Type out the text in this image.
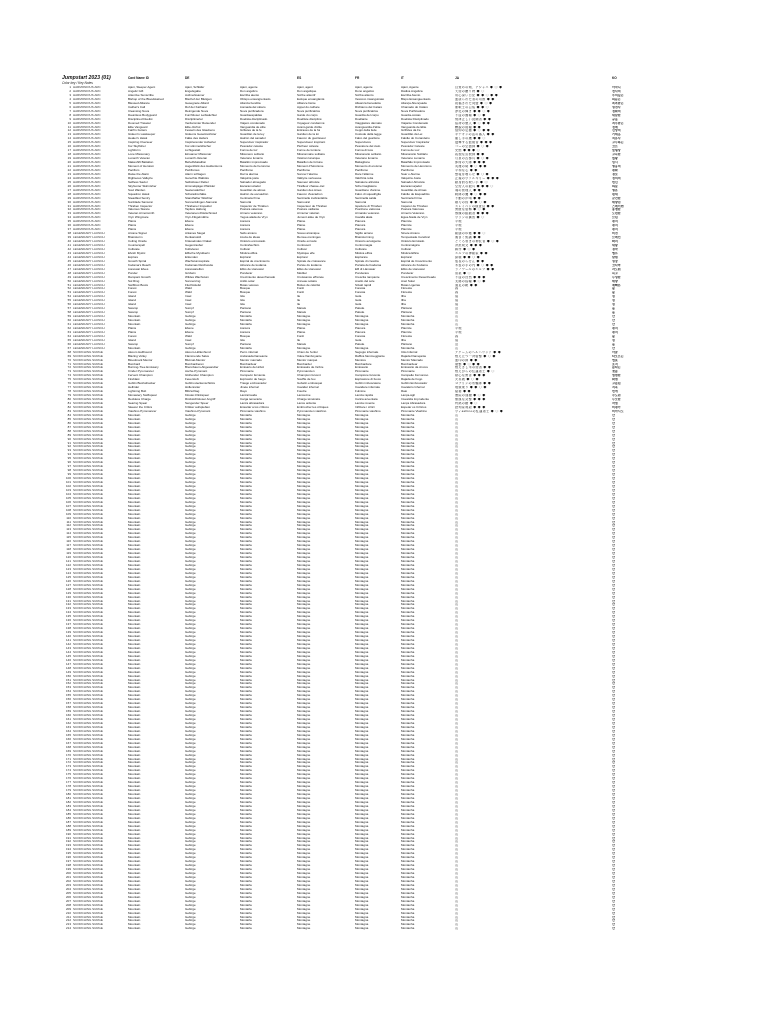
Jumpstart 2023 (01)
Color key / Key Notes
Card Name ID	DE	ES	FR	IT	JA	KO
1 HARMONIOUS ARC	Ajani, Sleeper Agent	Ajani, Schläfer	Ajani, agente	Ajani, agent	Ajani, agente	Ajani, Agente	目覚めの剣、アジャニ ◆ ◇ ◆	아자니
2 HARMONIOUS ARC	Angelic Gift	Engelsgabe	Don angélico	Don angélique	Dono angelico	Dádiva Angélica	天使の贈り物 ◆ ◇	천사의
3 HARMONIOUS ARC	Attentive Sunscribe	Aufmerksamer	Escriba atento	Scribe attentif	Scriba attento	Escriba Atento	用心深い日記 ◆ ◆ ◇ ◆ ◆	주의깊은
4 HARMONIOUS ARC	Bishop of the Bloodstained	Bischof der Blutigen	Obispo ensangrentado	Évêque ensanglanté	Vescovo insanguinato	Bispo Ensanguentado	血塗られた者の司教 ◆ ◆	피묻은
5 HARMONIOUS ARC	Blessed Alliance	Gesegnete Allianz	Alianza bendita	Alliance bénie	Alleanza benedetta	Aliança Abençoada	祝福された同盟 ◆ ◇ ◆	축복받은
6 HARMONIOUS ARC	Cathar's Call	Ruf der Katharer	Llamada del cátaro	Appel du cathare	Richiamo del Cataro	Chamado do Cátaro	聖戦士の召集 ◆ ◆ ◇	성전사
7 HARMONIOUS ARC	Cleansing Nova	Reinigende Nova	Nova purificadora	Nova purificatrice	Nova purificatrice	Nova Purificadora	浄化の輝き ◆ ◆ ◇ ◆	정화의
8 HARMONIOUS ARC	Dauntless Bodyguard	Furchtloser Leibwächter	Guardaespaldas	Garde du corps	Guardia del corpo	Guarda-costas	不屈の護衛 ◆ ◇ ◆	대담한
9 HARMONIOUS ARC	Disciplined Duelist	Disziplinierter	Duelista disciplinado	Duelliste discipliné	Duellante	Duelista Disciplinado	規律正しい決闘者 ◆ ◆	규율
10 HARMONIOUS ARC	Doomed Traveler	Verdammter Reisender	Viajero condenado	Voyageur condamné	Viaggiatore dannato	Viajante Condenado	宿命の旅人 ◆ ◇ ◆ ◆	저주받은
11 HARMONIOUS ARC	Elite Vanguard	Elite-Vorhut	Vanguardia de élite	Avant-garde d'élite	Avanguardia d'élite	Vanguarda de Elite	精鋭の前衛 ◆ ◆	정예
12 HARMONIOUS ARC	Faith's Fetters	Fesseln des Glaubens	Grilletes de la fe	Entraves de la foi	Ceppi della fede	Grilhões da Fé	信仰の足枷 ◆ ◇ ◆ ◆	신앙의
13 HARMONIOUS ARC	Gideon's Lawkeeper	Gideons Gesetzeshüter	Guardián de la ley	Gardien de la loi	Custode della legge	Guardião da Lei	ギデオンの法の番人 ◆ ◆	기데온
14 HARMONIOUS ARC	Healer's Hawk	Falke des Heilers	Halcón del sanador	Faucon du guérisseur	Falco del guaritore	Falcão do Curandeiro	癒し手の鷹 ◆ ◆ ◇	치유사
15 HARMONIOUS ARC	Inspiring Overseer	Inspirierender Aufseher	Supervisor inspirador	Superviseur inspirant	Supervisore	Supervisor Inspirador	鼓舞する監視者 ◆ ◆ ◆	고무하는
16 HARMONIOUS ARC	Kor Skyfisher	Kor-Himmelsfischer	Pescador celeste	Pêcheur céleste	Pescatore del cielo	Pescador Celeste	コーの空漁師 ◆ ◇ ◆	코르
17 HARMONIOUS ARC	Lightform	Lichtgestalt	Forma de luz	Forme de lumière	Forma di luce	Forma de Luz	光態 ◆ ◆ ◆ ◇	빛형상
18 HARMONIOUS ARC	Lone Missionary	Einsamer Missionar	Misionero solitario	Missionnaire solitaire	Missionario solitario	Missionário Solitário	孤独な宣教師 ◆ ◆	고독한
19 HARMONIOUS ARC	Lunarch Veteran	Lunarch-Veteran	Veterano lunarca	Vétéran lunarque	Veterano lunarca	Veterano Lunarca	月皇の古参兵 ◆ ◇ ◆	월황
20 HARMONIOUS ARC	Makeshift Battalion	Behelfsbataillon	Batallón improvisado	Bataillon de fortune	Battaglione	Batalhão Improvisado	即席の大隊 ◆ ◆ ◆	임시
21 HARMONIOUS ARC	Moment of Heroism	Augenblick des Heldentums	Momento de heroísmo	Moment d'héroïsme	Momento di eroismo	Momento de Heroísmo	英雄の時 ◆ ◇ ◆ ◆	영웅의
22 HARMONIOUS ARC	Pacifism	Pazifismus	Pacifismo	Pacifisme	Pacifismo	Pacifismo	平和な心 ◆ ◆	평화
23 HARMONIOUS ARC	Raise the Alarm	Alarm schlagen	Dar la alarma	Sonner l'alarme	Dare l'allarme	Soar o Alarme	警報を鳴らせ ◆ ◇ ◆	경보
24 HARMONIOUS ARC	Righteous Valkyrie	Gerechte Walküre	Valquiria justa	Valkyrie vertueuse	Valchiria retta	Valquíria Justa	正義のヴァルキリー ◆ ◆ ◆	정의의
25 HARMONIOUS ARC	Selfless Savior	Selbstloser Retter	Salvador abnegado	Sauveur altruiste	Salvatore altruista	Salvador Altruísta	献身的な救い手 ◆ ◇	헌신
26 HARMONIOUS ARC	Skyhunter Skirmisher	Himmelsjäger-Plänkler	Escaramuzador	Tirailleur chasse-ciel	Schermagliatore	Escaramuçador	空狩人の散兵 ◆ ◆ ◆ ◇	하늘
27 HARMONIOUS ARC	Soul Warden	Seelenwächter	Guardián de almas	Gardien des âmes	Guardiano d'anime	Guardião de Almas	魂の管理人 ◆ ◆	영혼
28 HARMONIOUS ARC	Squadron Hawk	Schwadronfalke	Halcón de escuadrón	Faucon d'escadron	Falco di squadriglia	Falcão de Esquadrão	戦隊の鷹 ◆ ◇ ◆ ◆	편대
29 HARMONIOUS ARC	Steadfast Sentry	Standhafter Wächter	Centinela firme	Sentinelle inébranlable	Sentinella salda	Sentinela Firme	不動の歩哨 ◆ ◆	굳건한
30 HARMONIOUS ARC	Sunblade Samurai	Sonnenklingen-Samurai	Samurái	Samouraï	Samurai	Samurai	陽刃の侍 ◆ ◆ ◇ ◆	태양검
31 HARMONIOUS ARC	Thraben Inspector	Thrabener Inspektor	Inspector de Thraben	Inspecteur de Thraben	Ispettore di Thraben	Inspetor de Thraben	スレイベンの検査官 ◆ ◆	스레이벤
32 HARMONIOUS ARC	Valorous Stance	Tapfere Haltung	Postura valerosa	Posture vaillante	Posizione valorosa	Postura Valorosa	勇敢な姿勢 ◆ ◇ ◆	용맹한
33 HARMONIOUS ARC	Veteran Armorsmith	Veteranen-Rüstschmied	Armero veterano	Armurier vétéran	Armaiolo veterano	Armeiro Veterano	熟練の鎧鍛冶 ◆ ◆ ◆	노련한
34 HARMONIOUS ARC	Vryn Wingmare	Vryn-Flügelmähre	Yegua alada de Vryn	Jument ailée de Vryn	Cavalla alata	Égua Alada de Vryn	ヴリンの翼馬 ◆ ◇	브린
35 HARMONIOUS ARC	Plains	Ebene	Llanura	Plaine	Pianura	Planície	平地	평지
36 HARMONIOUS ARC	Plains	Ebene	Llanura	Plaine	Pianura	Planície	平地	평지
37 HARMONIOUS ARC	Plains	Ebene	Llanura	Plaine	Pianura	Planície	平地	평지
38 LEGENDARY LAUNCH	Arcane Signet	Arkanes Siegel	Sello arcano	Sceau arcanique	Sigillo arcano	Sinete Arcano	秘儀の印鑑 ◆ ◆ ◇	비전
39 LEGENDARY LAUNCH	Brainstorm	Denkanstoß	Lluvia de ideas	Remue-méninges	Brainstorming	Tempestade Cerebral	渦まく知識 ◆ ◆	브레인
40 LEGENDARY LAUNCH	Coiling Oracle	Kräuselndes Orakel	Oráculo enroscado	Oracle enroulé	Oracolo avvolgente	Oráculo Enrolado	とぐろ巻きの神託者 ◆ ◇ ◆	똬리
41 LEGENDARY LAUNCH	Counterspell	Gegenzauber	Contrahechizo	Contresort	Contromagia	Contramágica	対抗呪文 ◆ ◆ ◆	대항
42 LEGENDARY LAUNCH	Cultivate	Kultivieren	Cultivar	Cultiver	Coltivare	Cultivar	耕作 ◆ ◇ ◆	경작
43 LEGENDARY LAUNCH	Elvish Mystic	Elfische Mystikerin	Mística élfica	Mystique elfe	Mistica elfica	Mística Élfica	エルフの神秘家 ◆ ◆	엘프
44 LEGENDARY LAUNCH	Explore	Erkunden	Explorar	Explorer	Esplorare	Explorar	探検 ◆ ◆ ◇ ◆	탐험
45 LEGENDARY LAUNCH	Growth Spiral	Wachstumsspirale	Espiral de crecimiento	Spirale de croissance	Spirale di crescita	Espiral de Crescimento	成長のらせん ◆ ◆	성장
46 LEGENDARY LAUNCH	Kodama's Reach	Kodamas Reichweite	Alcance de kodama	Portée du kodama	Portata del kodama	Alcance do Kodama	木霊の手の内 ◆ ◇ ◆ ◆	코다마
47 LEGENDARY LAUNCH	Llanowar Elves	Llanowarelfen	Elfos de Llanowar	Elfes de Llanowar	Elfi di Llanowar	Elfos de Llanowar	ラノワールのエルフ ◆ ◆	라노워
48 LEGENDARY LAUNCH	Ponder	Grübeln	Ponderar	Méditer	Ponderare	Ponderar	思案 ◆ ◇	숙고
49 LEGENDARY LAUNCH	Rampant Growth	Wildes Wachstum	Crecimiento desenfrenado	Croissance effrénée	Crescita rampante	Crescimento Desenfreado	不屈の自然 ◆ ◆ ◆	무성한
50 LEGENDARY LAUNCH	Sol Ring	Sonnenring	Anillo solar	Anneau solaire	Anello del sole	Anel Solar	太陽の指輪 ◆ ◇ ◆	태양
51 LEGENDARY LAUNCH	Swiftfoot Boots	Fluchtstiefel	Botas veloces	Bottes de célérité	Stivali rapidi	Botas Ligeiras	速足の靴 ◆ ◆	재빠른
52 LEGENDARY LAUNCH	Forest	Wald	Bosque	Forêt	Foresta	Floresta	森	숲
53 LEGENDARY LAUNCH	Forest	Wald	Bosque	Forêt	Foresta	Floresta	森	숲
54 LEGENDARY LAUNCH	Island	Insel	Isla	Île	Isola	Ilha	島	섬
55 LEGENDARY LAUNCH	Island	Insel	Isla	Île	Isola	Ilha	島	섬
56 LEGENDARY LAUNCH	Island	Insel	Isla	Île	Isola	Ilha	島	섬
57 LEGENDARY LAUNCH	Swamp	Sumpf	Pantano	Marais	Palude	Pântano	沼	늪
58 LEGENDARY LAUNCH	Swamp	Sumpf	Pantano	Marais	Palude	Pântano	沼	늪
59 LEGENDARY LAUNCH	Mountain	Gebirge	Montaña	Montagne	Montagna	Montanha	山	산
60 LEGENDARY LAUNCH	Mountain	Gebirge	Montaña	Montagne	Montagna	Montanha	山	산
61 LEGENDARY LAUNCH	Mountain	Gebirge	Montaña	Montagne	Montagna	Montanha	山	산
62 LEGENDARY LAUNCH	Plains	Ebene	Llanura	Plaine	Pianura	Planície	平地	평지
63 LEGENDARY LAUNCH	Plains	Ebene	Llanura	Plaine	Pianura	Planície	平地	평지
64 LEGENDARY LAUNCH	Forest	Wald	Bosque	Forêt	Foresta	Floresta	森	숲
65 LEGENDARY LAUNCH	Island	Insel	Isla	Île	Isola	Ilha	島	섬
66 LEGENDARY LAUNCH	Swamp	Sumpf	Pantano	Marais	Palude	Pântano	沼	늪
67 LEGENDARY LAUNCH	Mountain	Gebirge	Montaña	Montagne	Montagna	Montanha	山	산
68 SCORCHING SURGE	Akoum Hellhound	Akoum-Höllenhund	Perro infernal	Chien de l'enfer	Segugio infernale	Cão Infernal	アクームのヘルハウンド ◆ ◆	아쿰
69 SCORCHING SURGE	Blazing Volley	Flammende Salve	Andanada llameante	Volée flamboyante	Raffica fiammeggiante	Rajada Flamejante	燃え立つ一斉射撃 ◆ ◇ ◆	타오르는
70 SCORCHING SURGE	Bloodmark Mentor	Blutmal-Mentor	Mentor marcado	Mentor marqué	Mentore	Mentor Marcado	血印の師 ◆ ◆	혈표
71 SCORCHING SURGE	Bombard	Bombardieren	Bombardear	Bombarder	Bombardare	Bombardear	砲撃 ◆ ◇ ◆ ◆	포격
72 SCORCHING SURGE	Burning-Tree Emissary	Brennbaum-Abgesandter	Emisario del árbol	Émissaire de l'arbre	Emissario	Emissário da Árvore	燃えさし木の使者 ◆ ◆	불타는
73 SCORCHING SURGE	Cinder Pyromancer	Asche-Pyromant	Piromante	Pyromancien	Piromante	Piromante	燃えがらの紅蓮術士 ◆ ◇	잿불
74 SCORCHING SURGE	Fervent Champion	Glühender Champion	Campeón ferviente	Champion fervent	Campione fervente	Campeão Fervoroso	熱心な勇者 ◆ ◆ ◆	열렬한
75 SCORCHING SURGE	Fireblast	Feuerstoß	Explosión de fuego	Souffle de feu	Esplosione di fuoco	Rajada de Fogo	火炎破 ◆ ◇ ◆	화염
76 SCORCHING SURGE	Goblin Bushwhacker	Goblin-Heckenschütze	Trasgo emboscador	Gobelin embusqué	Goblin imboscatore	Goblin Emboscador	ゴブリンの奇襲隊 ◆ ◆	고블린
77 SCORCHING SURGE	Hellrider	Höllenreiter	Jinete infernal	Cavalier infernal	Cavaliere infernale	Cavaleiro Infernal	地獄乗り ◆ ◆ ◇ ◆	지옥
78 SCORCHING SURGE	Lightning Bolt	Blitzschlag	Rayo	Foudre	Fulmine	Raio	稲妻 ◆ ◆	번개
79 SCORCHING SURGE	Monastery Swiftspear	Kloster-Flinkspeer	Lanzarrauda	Lancevive	Lancia rapida	Lança-ágil	僧院の速槍 ◆ ◇ ◆	수도원
80 SCORCHING SURGE	Reckless Charge	Rücksichtsloser Angriff	Carga temeraria	Charge téméraire	Carica avventata	Investida Imprudente	無謀な突撃 ◆ ◆ ◆	무모한
81 SCORCHING SURGE	Searing Spear	Sengender Speer	Lanza abrasadora	Lance ardente	Lancia rovente	Lança Abrasadora	灼熱の槍 ◆ ◇	작열
82 SCORCHING SURGE	Skewer the Critics	Kritiker aufspießen	Ensartar a los críticos	Embrocher les critiques	Infilzare i critici	Espetar os Críticos	批判家刺殺 ◆ ◆ ◆	비평가
83 SCORCHING SURGE	Viashino Pyromancer	Viashino-Pyromant	Piromante viashino	Pyromancien viashino	Piromante viashino	Piromante Viashino	ヴィashinoの紅蓮術士 ◆ ◇ ◆	비아시노
84 SCORCHING SURGE	Mountain	Gebirge	Montaña	Montagne	Montagna	Montanha	山	산
85 SCORCHING SURGE	Mountain	Gebirge	Montaña	Montagne	Montagna	Montanha	山	산
86 SCORCHING SURGE	Mountain	Gebirge	Montaña	Montagne	Montagna	Montanha	山	산
87 SCORCHING SURGE	Mountain	Gebirge	Montaña	Montagne	Montagna	Montanha	山	산
88 SCORCHING SURGE	Mountain	Gebirge	Montaña	Montagne	Montagna	Montanha	山	산
89 SCORCHING SURGE	Mountain	Gebirge	Montaña	Montagne	Montagna	Montanha	山	산
90 SCORCHING SURGE	Mountain	Gebirge	Montaña	Montagne	Montagna	Montanha	山	산
91 SCORCHING SURGE	Mountain	Gebirge	Montaña	Montagne	Montagna	Montanha	山	산
92 SCORCHING SURGE	Mountain	Gebirge	Montaña	Montagne	Montagna	Montanha	山	산
93 SCORCHING SURGE	Mountain	Gebirge	Montaña	Montagne	Montagna	Montanha	山	산
94 SCORCHING SURGE	Mountain	Gebirge	Montaña	Montagne	Montagna	Montanha	山	산
95 SCORCHING SURGE	Mountain	Gebirge	Montaña	Montagne	Montagna	Montanha	山	산
96 SCORCHING SURGE	Mountain	Gebirge	Montaña	Montagne	Montagna	Montanha	山	산
97 SCORCHING SURGE	Mountain	Gebirge	Montaña	Montagne	Montagna	Montanha	山	산
98 SCORCHING SURGE	Mountain	Gebirge	Montaña	Montagne	Montagna	Montanha	山	산
99 SCORCHING SURGE	Mountain	Gebirge	Montaña	Montagne	Montagna	Montanha	山	산
100 SCORCHING SURGE	Mountain	Gebirge	Montaña	Montagne	Montagna	Montanha	山	산
101 SCORCHING SURGE	Mountain	Gebirge	Montaña	Montagne	Montagna	Montanha	山	산
102 SCORCHING SURGE	Mountain	Gebirge	Montaña	Montagne	Montagna	Montanha	山	산
103 SCORCHING SURGE	Mountain	Gebirge	Montaña	Montagne	Montagna	Montanha	山	산
104 SCORCHING SURGE	Mountain	Gebirge	Montaña	Montagne	Montagna	Montanha	山	산
105 SCORCHING SURGE	Mountain	Gebirge	Montaña	Montagne	Montagna	Montanha	山	산
106 SCORCHING SURGE	Mountain	Gebirge	Montaña	Montagne	Montagna	Montanha	山	산
107 SCORCHING SURGE	Mountain	Gebirge	Montaña	Montagne	Montagna	Montanha	山	산
108 SCORCHING SURGE	Mountain	Gebirge	Montaña	Montagne	Montagna	Montanha	山	산
109 SCORCHING SURGE	Mountain	Gebirge	Montaña	Montagne	Montagna	Montanha	山	산
110 SCORCHING SURGE	Mountain	Gebirge	Montaña	Montagne	Montagna	Montanha	山	산
111 SCORCHING SURGE	Mountain	Gebirge	Montaña	Montagne	Montagna	Montanha	山	산
112 SCORCHING SURGE	Mountain	Gebirge	Montaña	Montagne	Montagna	Montanha	山	산
113 SCORCHING SURGE	Mountain	Gebirge	Montaña	Montagne	Montagna	Montanha	山	산
114 SCORCHING SURGE	Mountain	Gebirge	Montaña	Montagne	Montagna	Montanha	山	산
115 SCORCHING SURGE	Mountain	Gebirge	Montaña	Montagne	Montagna	Montanha	山	산
116 SCORCHING SURGE	Mountain	Gebirge	Montaña	Montagne	Montagna	Montanha	山	산
117 SCORCHING SURGE	Mountain	Gebirge	Montaña	Montagne	Montagna	Montanha	山	산
118 SCORCHING SURGE	Mountain	Gebirge	Montaña	Montagne	Montagna	Montanha	山	산
119 SCORCHING SURGE	Mountain	Gebirge	Montaña	Montagne	Montagna	Montanha	山	산
120 SCORCHING SURGE	Mountain	Gebirge	Montaña	Montagne	Montagna	Montanha	山	산
121 SCORCHING SURGE	Mountain	Gebirge	Montaña	Montagne	Montagna	Montanha	山	산
122 SCORCHING SURGE	Mountain	Gebirge	Montaña	Montagne	Montagna	Montanha	山	산
123 SCORCHING SURGE	Mountain	Gebirge	Montaña	Montagne	Montagna	Montanha	山	산
124 SCORCHING SURGE	Mountain	Gebirge	Montaña	Montagne	Montagna	Montanha	山	산
125 SCORCHING SURGE	Mountain	Gebirge	Montaña	Montagne	Montagna	Montanha	山	산
126 SCORCHING SURGE	Mountain	Gebirge	Montaña	Montagne	Montagna	Montanha	山	산
127 SCORCHING SURGE	Mountain	Gebirge	Montaña	Montagne	Montagna	Montanha	山	산
128 SCORCHING SURGE	Mountain	Gebirge	Montaña	Montagne	Montagna	Montanha	山	산
129 SCORCHING SURGE	Mountain	Gebirge	Montaña	Montagne	Montagna	Montanha	山	산
130 SCORCHING SURGE	Mountain	Gebirge	Montaña	Montagne	Montagna	Montanha	山	산
131 SCORCHING SURGE	Mountain	Gebirge	Montaña	Montagne	Montagna	Montanha	山	산
132 SCORCHING SURGE	Mountain	Gebirge	Montaña	Montagne	Montagna	Montanha	山	산
133 SCORCHING SURGE	Mountain	Gebirge	Montaña	Montagne	Montagna	Montanha	山	산
134 SCORCHING SURGE	Mountain	Gebirge	Montaña	Montagne	Montagna	Montanha	山	산
135 SCORCHING SURGE	Mountain	Gebirge	Montaña	Montagne	Montagna	Montanha	山	산
136 SCORCHING SURGE	Mountain	Gebirge	Montaña	Montagne	Montagna	Montanha	山	산
137 SCORCHING SURGE	Mountain	Gebirge	Montaña	Montagne	Montagna	Montanha	山	산
138 SCORCHING SURGE	Mountain	Gebirge	Montaña	Montagne	Montagna	Montanha	山	산
139 SCORCHING SURGE	Mountain	Gebirge	Montaña	Montagne	Montagna	Montanha	山	산
140 SCORCHING SURGE	Mountain	Gebirge	Montaña	Montagne	Montagna	Montanha	山	산
141 SCORCHING SURGE	Mountain	Gebirge	Montaña	Montagne	Montagna	Montanha	山	산
142 SCORCHING SURGE	Mountain	Gebirge	Montaña	Montagne	Montagna	Montanha	山	산
143 SCORCHING SURGE	Mountain	Gebirge	Montaña	Montagne	Montagna	Montanha	山	산
144 SCORCHING SURGE	Mountain	Gebirge	Montaña	Montagne	Montagna	Montanha	山	산
145 SCORCHING SURGE	Mountain	Gebirge	Montaña	Montagne	Montagna	Montanha	山	산
146 SCORCHING SURGE	Mountain	Gebirge	Montaña	Montagne	Montagna	Montanha	山	산
147 SCORCHING SURGE	Mountain	Gebirge	Montaña	Montagne	Montagna	Montanha	山	산
148 SCORCHING SURGE	Mountain	Gebirge	Montaña	Montagne	Montagna	Montanha	山	산
149 SCORCHING SURGE	Mountain	Gebirge	Montaña	Montagne	Montagna	Montanha	山	산
150 SCORCHING SURGE	Mountain	Gebirge	Montaña	Montagne	Montagna	Montanha	山	산
151 SCORCHING SURGE	Mountain	Gebirge	Montaña	Montagne	Montagna	Montanha	山	산
152 SCORCHING SURGE	Mountain	Gebirge	Montaña	Montagne	Montagna	Montanha	山	산
153 SCORCHING SURGE	Mountain	Gebirge	Montaña	Montagne	Montagna	Montanha	山	산
154 SCORCHING SURGE	Mountain	Gebirge	Montaña	Montagne	Montagna	Montanha	山	산
155 SCORCHING SURGE	Mountain	Gebirge	Montaña	Montagne	Montagna	Montanha	山	산
156 SCORCHING SURGE	Mountain	Gebirge	Montaña	Montagne	Montagna	Montanha	山	산
157 SCORCHING SURGE	Mountain	Gebirge	Montaña	Montagne	Montagna	Montanha	山	산
158 SCORCHING SURGE	Mountain	Gebirge	Montaña	Montagne	Montagna	Montanha	山	산
159 SCORCHING SURGE	Mountain	Gebirge	Montaña	Montagne	Montagna	Montanha	山	산
160 SCORCHING SURGE	Mountain	Gebirge	Montaña	Montagne	Montagna	Montanha	山	산
161 SCORCHING SURGE	Mountain	Gebirge	Montaña	Montagne	Montagna	Montanha	山	산
162 SCORCHING SURGE	Mountain	Gebirge	Montaña	Montagne	Montagna	Montanha	山	산
163 SCORCHING SURGE	Mountain	Gebirge	Montaña	Montagne	Montagna	Montanha	山	산
164 SCORCHING SURGE	Mountain	Gebirge	Montaña	Montagne	Montagna	Montanha	山	산
165 SCORCHING SURGE	Mountain	Gebirge	Montaña	Montagne	Montagna	Montanha	山	산
166 SCORCHING SURGE	Mountain	Gebirge	Montaña	Montagne	Montagna	Montanha	山	산
167 SCORCHING SURGE	Mountain	Gebirge	Montaña	Montagne	Montagna	Montanha	山	산
168 SCORCHING SURGE	Mountain	Gebirge	Montaña	Montagne	Montagna	Montanha	山	산
169 SCORCHING SURGE	Mountain	Gebirge	Montaña	Montagne	Montagna	Montanha	山	산
170 SCORCHING SURGE	Mountain	Gebirge	Montaña	Montagne	Montagna	Montanha	山	산
171 SCORCHING SURGE	Mountain	Gebirge	Montaña	Montagne	Montagna	Montanha	山	산
172 SCORCHING SURGE	Mountain	Gebirge	Montaña	Montagne	Montagna	Montanha	山	산
173 SCORCHING SURGE	Mountain	Gebirge	Montaña	Montagne	Montagna	Montanha	山	산
174 SCORCHING SURGE	Mountain	Gebirge	Montaña	Montagne	Montagna	Montanha	山	산
175 SCORCHING SURGE	Mountain	Gebirge	Montaña	Montagne	Montagna	Montanha	山	산
176 SCORCHING SURGE	Mountain	Gebirge	Montaña	Montagne	Montagna	Montanha	山	산
177 SCORCHING SURGE	Mountain	Gebirge	Montaña	Montagne	Montagna	Montanha	山	산
178 SCORCHING SURGE	Mountain	Gebirge	Montaña	Montagne	Montagna	Montanha	山	산
179 SCORCHING SURGE	Mountain	Gebirge	Montaña	Montagne	Montagna	Montanha	山	산
180 SCORCHING SURGE	Mountain	Gebirge	Montaña	Montagne	Montagna	Montanha	山	산
181 SCORCHING SURGE	Mountain	Gebirge	Montaña	Montagne	Montagna	Montanha	山	산
182 SCORCHING SURGE	Mountain	Gebirge	Montaña	Montagne	Montagna	Montanha	山	산
183 SCORCHING SURGE	Mountain	Gebirge	Montaña	Montagne	Montagna	Montanha	山	산
184 SCORCHING SURGE	Mountain	Gebirge	Montaña	Montagne	Montagna	Montanha	山	산
185 SCORCHING SURGE	Mountain	Gebirge	Montaña	Montagne	Montagna	Montanha	山	산
186 SCORCHING SURGE	Mountain	Gebirge	Montaña	Montagne	Montagna	Montanha	山	산
187 SCORCHING SURGE	Mountain	Gebirge	Montaña	Montagne	Montagna	Montanha	山	산
188 SCORCHING SURGE	Mountain	Gebirge	Montaña	Montagne	Montagna	Montanha	山	산
189 SCORCHING SURGE	Mountain	Gebirge	Montaña	Montagne	Montagna	Montanha	山	산
190 SCORCHING SURGE	Mountain	Gebirge	Montaña	Montagne	Montagna	Montanha	山	산
191 SCORCHING SURGE	Mountain	Gebirge	Montaña	Montagne	Montagna	Montanha	山	산
192 SCORCHING SURGE	Mountain	Gebirge	Montaña	Montagne	Montagna	Montanha	山	산
193 SCORCHING SURGE	Mountain	Gebirge	Montaña	Montagne	Montagna	Montanha	山	산
194 SCORCHING SURGE	Mountain	Gebirge	Montaña	Montagne	Montagna	Montanha	山	산
195 SCORCHING SURGE	Mountain	Gebirge	Montaña	Montagne	Montagna	Montanha	山	산
196 SCORCHING SURGE	Mountain	Gebirge	Montaña	Montagne	Montagna	Montanha	山	산
197 SCORCHING SURGE	Mountain	Gebirge	Montaña	Montagne	Montagna	Montanha	山	산
198 SCORCHING SURGE	Mountain	Gebirge	Montaña	Montagne	Montagna	Montanha	山	산
199 SCORCHING SURGE	Mountain	Gebirge	Montaña	Montagne	Montagna	Montanha	山	산
200 SCORCHING SURGE	Mountain	Gebirge	Montaña	Montagne	Montagna	Montanha	山	산
201 SCORCHING SURGE	Mountain	Gebirge	Montaña	Montagne	Montagna	Montanha	山	산
202 SCORCHING SURGE	Mountain	Gebirge	Montaña	Montagne	Montagna	Montanha	山	산
203 SCORCHING SURGE	Mountain	Gebirge	Montaña	Montagne	Montagna	Montanha	山	산
204 SCORCHING SURGE	Mountain	Gebirge	Montaña	Montagne	Montagna	Montanha	山	산
205 SCORCHING SURGE	Mountain	Gebirge	Montaña	Montagne	Montagna	Montanha	山	산
206 SCORCHING SURGE	Mountain	Gebirge	Montaña	Montagne	Montagna	Montanha	山	산
207 SCORCHING SURGE	Mountain	Gebirge	Montaña	Montagne	Montagna	Montanha	山	산
208 SCORCHING SURGE	Mountain	Gebirge	Montaña	Montagne	Montagna	Montanha	山	산
209 SCORCHING SURGE	Mountain	Gebirge	Montaña	Montagne	Montagna	Montanha	山	산
210 SCORCHING SURGE	Mountain	Gebirge	Montaña	Montagne	Montagna	Montanha	山	산
211 SCORCHING SURGE	Mountain	Gebirge	Montaña	Montagne	Montagna	Montanha	山	산
212 SCORCHING SURGE	Mountain	Gebirge	Montaña	Montagne	Montagna	Montanha	山	산
213 SCORCHING SURGE	Mountain	Gebirge	Montaña	Montagne	Montagna	Montanha	山	산
214 SCORCHING SURGE	Mountain	Gebirge	Montaña	Montagne	Montagna	Montanha	山	산
